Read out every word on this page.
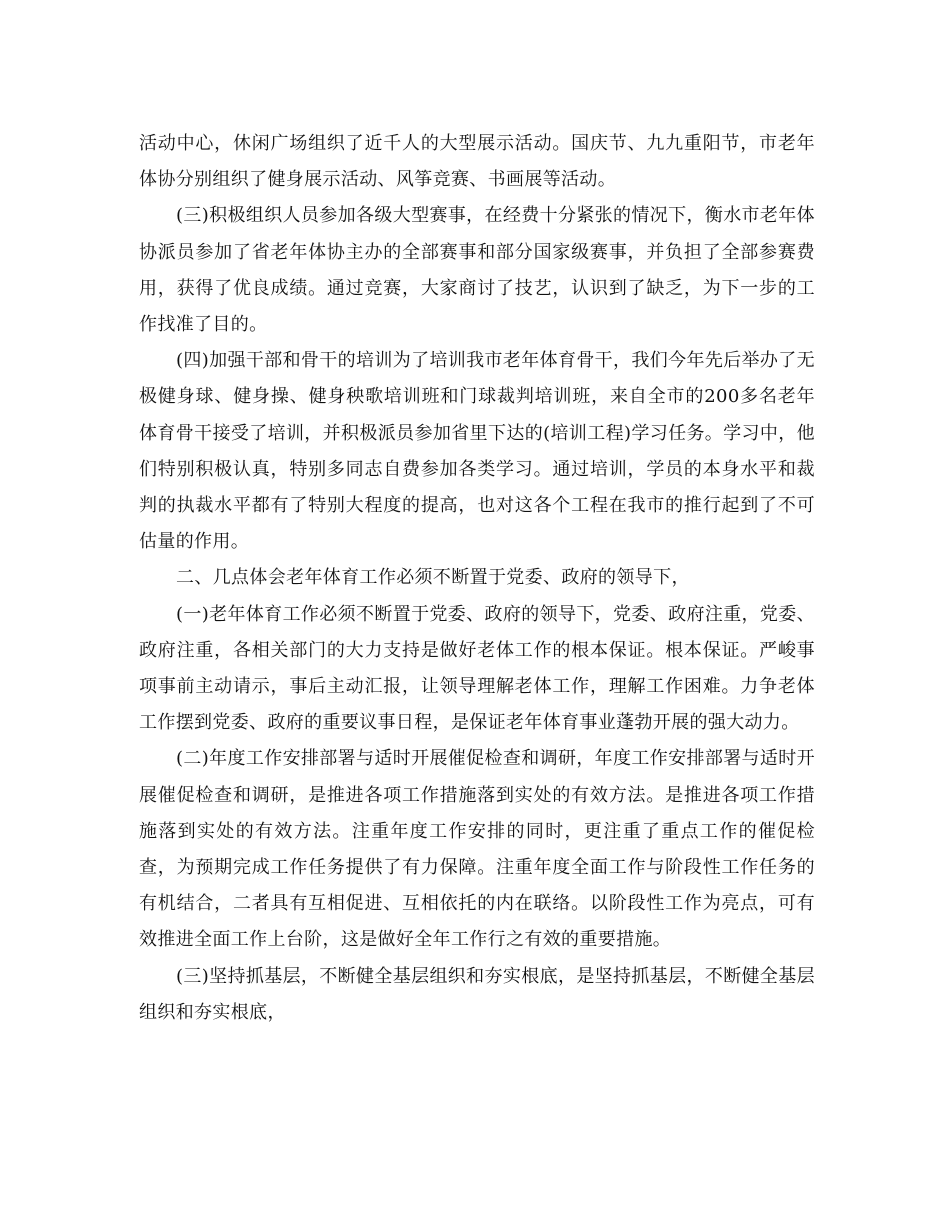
活动中心，休闲广场组织了近千人的大型展示活动。国庆节、九九重阳节，市老年体协分别组织了健身展示活动、风筝竞赛、书画展等活动。

(三)积极组织人员参加各级大型赛事，在经费十分紧张的情况下，衡水市老年体协派员参加了省老年体协主办的全部赛事和部分国家级赛事，并负担了全部参赛费用，获得了优良成绩。通过竞赛，大家商讨了技艺，认识到了缺乏，为下一步的工作找准了目的。

(四)加强干部和骨干的培训为了培训我市老年体育骨干，我们今年先后举办了无极健身球、健身操、健身秧歌培训班和门球裁判培训班，来自全市的200多名老年体育骨干接受了培训，并积极派员参加省里下达的(培训工程)学习任务。学习中，他们特别积极认真，特别多同志自费参加各类学习。通过培训，学员的本身水平和裁判的执裁水平都有了特别大程度的提高，也对这各个工程在我市的推行起到了不可估量的作用。

二、几点体会老年体育工作必须不断置于党委、政府的领导下，

(一)老年体育工作必须不断置于党委、政府的领导下，党委、政府注重，党委、政府注重，各相关部门的大力支持是做好老体工作的根本保证。根本保证。严峻事项事前主动请示，事后主动汇报，让领导理解老体工作，理解工作困难。力争老体工作摆到党委、政府的重要议事日程，是保证老年体育事业蓬勃开展的强大动力。

(二)年度工作安排部署与适时开展催促检查和调研，年度工作安排部署与适时开展催促检查和调研，是推进各项工作措施落到实处的有效方法。是推进各项工作措施落到实处的有效方法。注重年度工作安排的同时，更注重了重点工作的催促检查，为预期完成工作任务提供了有力保障。注重年度全面工作与阶段性工作任务的有机结合，二者具有互相促进、互相依托的内在联络。以阶段性工作为亮点，可有效推进全面工作上台阶，这是做好全年工作行之有效的重要措施。

(三)坚持抓基层，不断健全基层组织和夯实根底，是坚持抓基层，不断健全基层组织和夯实根底，
